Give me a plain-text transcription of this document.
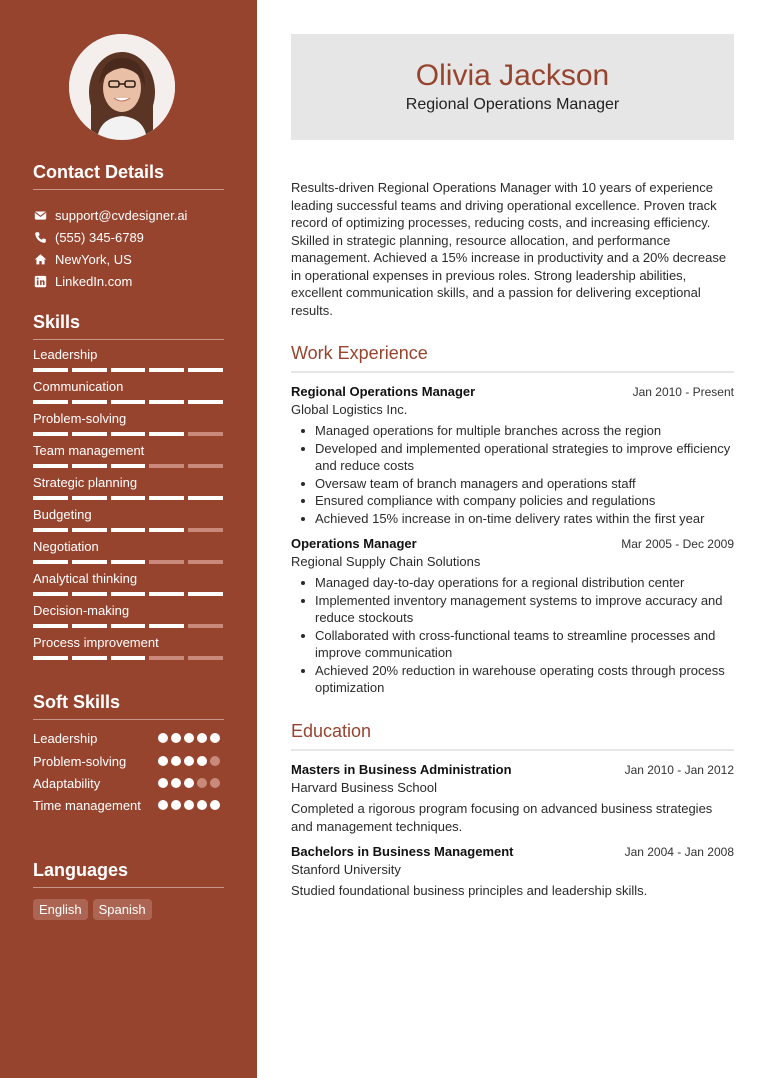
Contact Details
support@cvdesigner.ai
(555) 345-6789
NewYork, US
LinkedIn.com
Skills
Leadership
Communication
Problem-solving
Team management
Strategic planning
Budgeting
Negotiation
Analytical thinking
Decision-making
Process improvement
Soft Skills
Leadership
Problem-solving
Adaptability
Time management
Languages
English	Spanish
Olivia Jackson
Regional Operations Manager
Results-driven Regional Operations Manager with 10 years of experience leading successful teams and driving operational excellence. Proven track record of optimizing processes, reducing costs, and increasing efficiency. Skilled in strategic planning, resource allocation, and performance management. Achieved a 15% increase in productivity and a 20% decrease in operational expenses in previous roles. Strong leadership abilities, excellent communication skills, and a passion for delivering exceptional results.
Work Experience
Regional Operations Manager	Jan 2010 - Present
Global Logistics Inc.
Managed operations for multiple branches across the region
Developed and implemented operational strategies to improve efficiency and reduce costs
Oversaw team of branch managers and operations staff
Ensured compliance with company policies and regulations
Achieved 15% increase in on-time delivery rates within the first year
Operations Manager	Mar 2005 - Dec 2009
Regional Supply Chain Solutions
Managed day-to-day operations for a regional distribution center
Implemented inventory management systems to improve accuracy and reduce stockouts
Collaborated with cross-functional teams to streamline processes and improve communication
Achieved 20% reduction in warehouse operating costs through process optimization
Education
Masters in Business Administration	Jan 2010 - Jan 2012
Harvard Business School
Completed a rigorous program focusing on advanced business strategies and management techniques.
Bachelors in Business Management	Jan 2004 - Jan 2008
Stanford University
Studied foundational business principles and leadership skills.
